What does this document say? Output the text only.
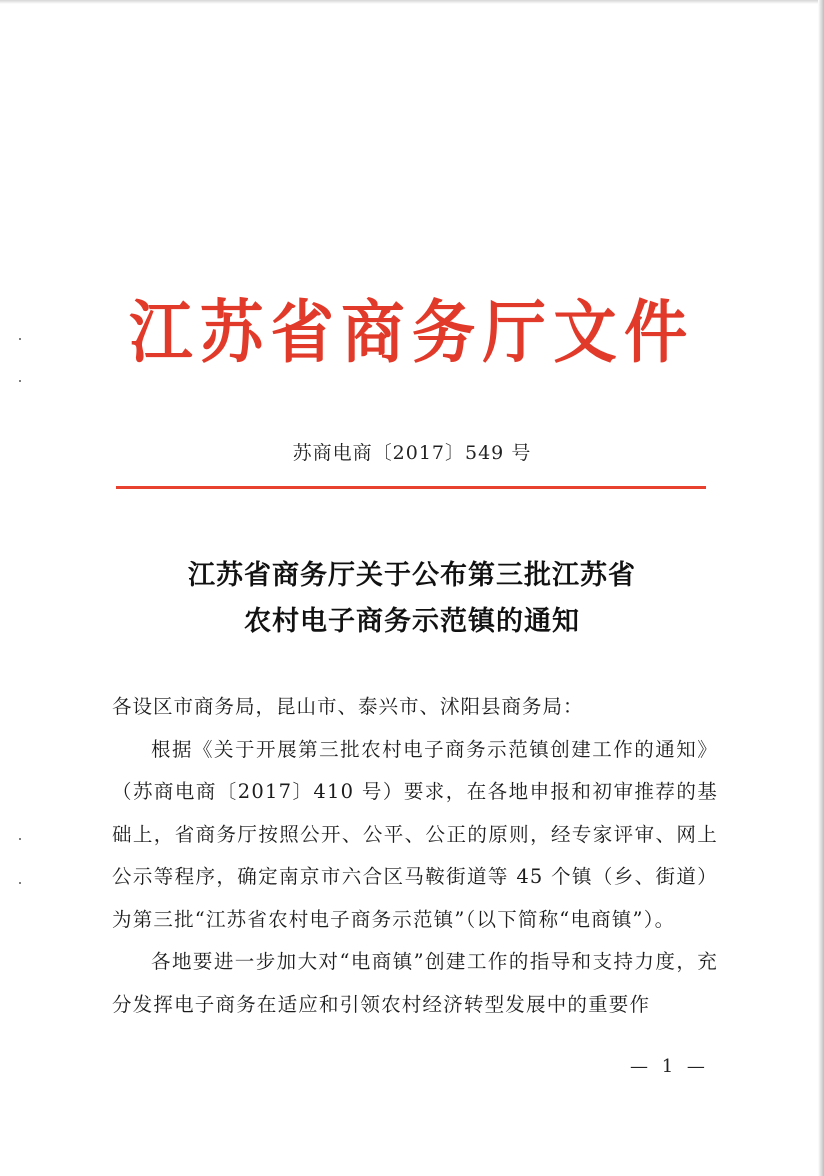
江苏省商务厅文件
苏商电商〔2017〕549 号
江苏省商务厅关于公布第三批江苏省
农村电子商务示范镇的通知

各设区市商务局，昆山市、泰兴市、沭阳县商务局：

根据《关于开展第三批农村电子商务示范镇创建工作的通知》（苏商电商〔2017〕410 号）要求，在各地申报和初审推荐的基础上，省商务厅按照公开、公平、公正的原则，经专家评审、网上公示等程序，确定南京市六合区马鞍街道等 45 个镇（乡、街道）为第三批“江苏省农村电子商务示范镇”（以下简称“电商镇”）。

各地要进一步加大对“电商镇”创建工作的指导和支持力度，充分发挥电子商务在适应和引领农村经济转型发展中的重要作

— 1 —
